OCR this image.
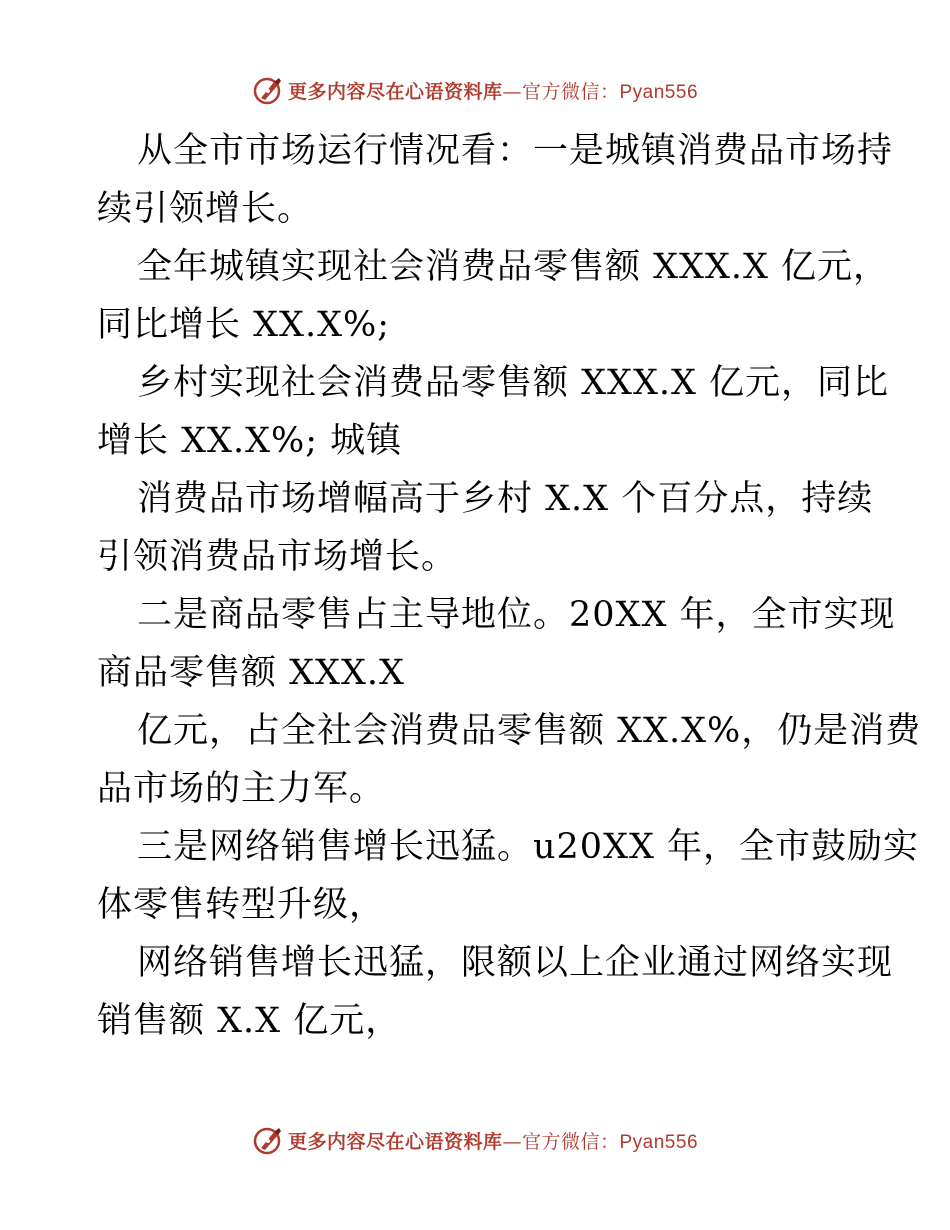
更多内容尽在心语资料库—官方微信：Pyan556

从全市市场运行情况看：一是城镇消费品市场持
续引领增长。

全年城镇实现社会消费品零售额 XXX.X 亿元，
同比增长 XX.X%;

乡村实现社会消费品零售额 XXX.X 亿元，同比
增长 XX.X%; 城镇

消费品市场增幅高于乡村 X.X 个百分点，持续
引领消费品市场增长。

二是商品零售占主导地位。20XX 年，全市实现
商品零售额 XXX.X

亿元，占全社会消费品零售额 XX.X%，仍是消费
品市场的主力军。

三是网络销售增长迅猛。u20XX 年，全市鼓励实
体零售转型升级，

网络销售增长迅猛，限额以上企业通过网络实现
销售额 X.X 亿元，

更多内容尽在心语资料库—官方微信：Pyan556
